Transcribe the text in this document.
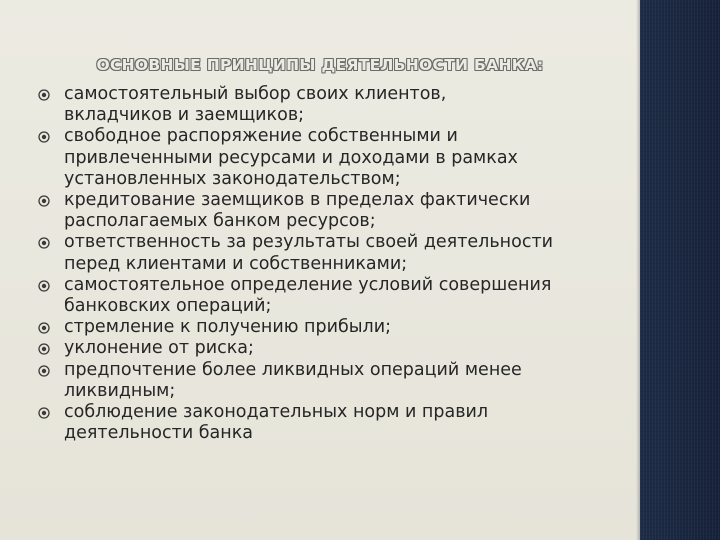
ОСНОВНЫЕ ПРИНЦИПЫ ДЕЯТЕЛЬНОСТИ БАНКА:
самостоятельный выбор своих клиентов,
вкладчиков и заемщиков;
свободное распоряжение собственными и
привлеченными ресурсами и доходами в рамках
установленных законодательством;
кредитование заемщиков в пределах фактически
располагаемых банком ресурсов;
ответственность за результаты своей деятельности
перед клиентами и собственниками;
самостоятельное определение условий совершения
банковских операций;
стремление к получению прибыли;
уклонение от риска;
предпочтение более ликвидных операций менее
ликвидным;
соблюдение законодательных норм и правил
деятельности банка
